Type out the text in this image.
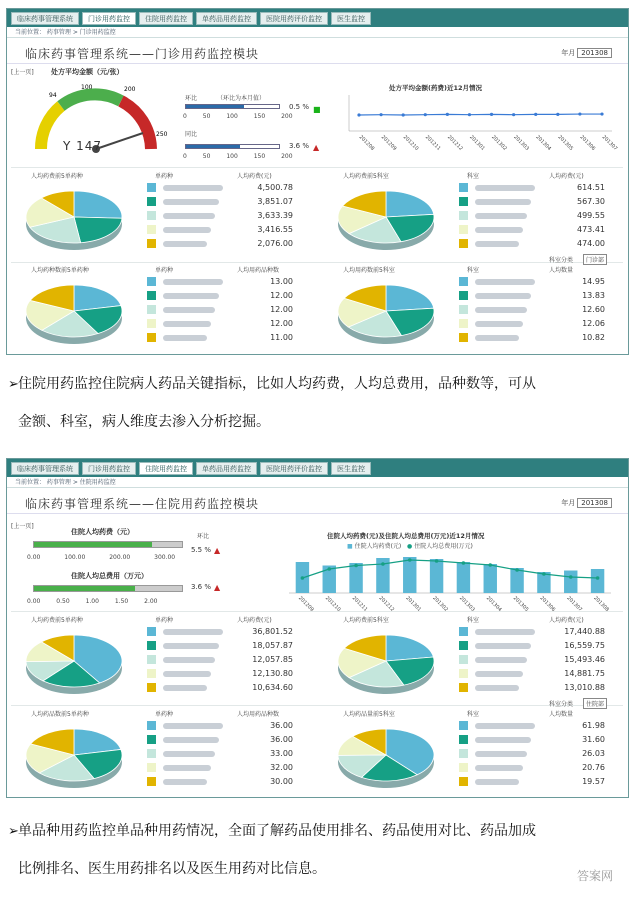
临床药事管理系统	门诊用药监控	住院用药监控	单药品用药监控	医院用药评价监控	医生监控
当前位置： 药事管理 > 门诊用药监控
临床药事管理系统——门诊用药监控模块	年月 201308
[上一页] 处方平均金额（元/张）
94
100	200
250
Y 147
环比	（环比为本月值）
0	50	100	150	200
0.5 % ■
同比
0	50	100	150	200
3.6 % ▲
处方平均金额(药费)近12月情况
201208 201209 201210 201211 201212 201301 201302 201303 201304 201305 201306 201307
人均药费前5单药种	单药种	人均药费(元)
4,500.78
3,851.07
3,633.39
3,416.55
2,076.00
人均药费前5科室	科室	人均药费(元)
614.51
567.30
499.55
473.41
474.00
人均药种数前5单药种	单药种	人均用药品种数
13.00
12.00
12.00
12.00
11.00
人均用药数前5科室	科室	人均数量
科室分类	门诊部
14.95
13.83
12.60
12.06
10.82
➢ 住院用药监控住院病人药品关键指标，比如人均药费，人均总费用，品种数等，可从
金额、科室，病人维度去渗入分析挖掘。
临床药事管理系统	门诊用药监控	住院用药监控	单药品用药监控	医院用药评价监控	医生监控
当前位置： 药事管理 > 住院用药监控
临床药事管理系统——住院用药监控模块	年月 201308
[上一页]
住院人均药费（元）
0.00	100.00	200.00	300.00
环比
5.5 % ▲
住院人均总费用（万元）
0.00	0.50	1.00	1.50	2.00
3.6 % ▲
住院人均药费(元)及住院人均总费用(万元)近12月情况
■ 住院人均药费(元) ● 住院人均总费用(万元)
201209 201210 201211 201212 201301 201302 201303 201304 201305 201306 201307 201308
人均药费前5单药种	单药种	人均药费(元)
36,801.52
18,057.87
12,057.85
12,130.80
10,634.60
人均药费前5科室	科室	人均药费(元)
17,440.88
16,559.75
15,493.46
14,881.75
13,010.88
人均药品数前5单药种	单药种	人均用药品种数
36.00
36.00
33.00
32.00
30.00
人均药品量前5科室	科室	人均数量
科室分类	住院部
61.98
31.60
26.03
20.76
19.57
➢ 单品种用药监控单品种用药情况，全面了解药品使用排名、药品使用对比、药品加成
比例排名、医生用药排名以及医生用药对比信息。	答案网
